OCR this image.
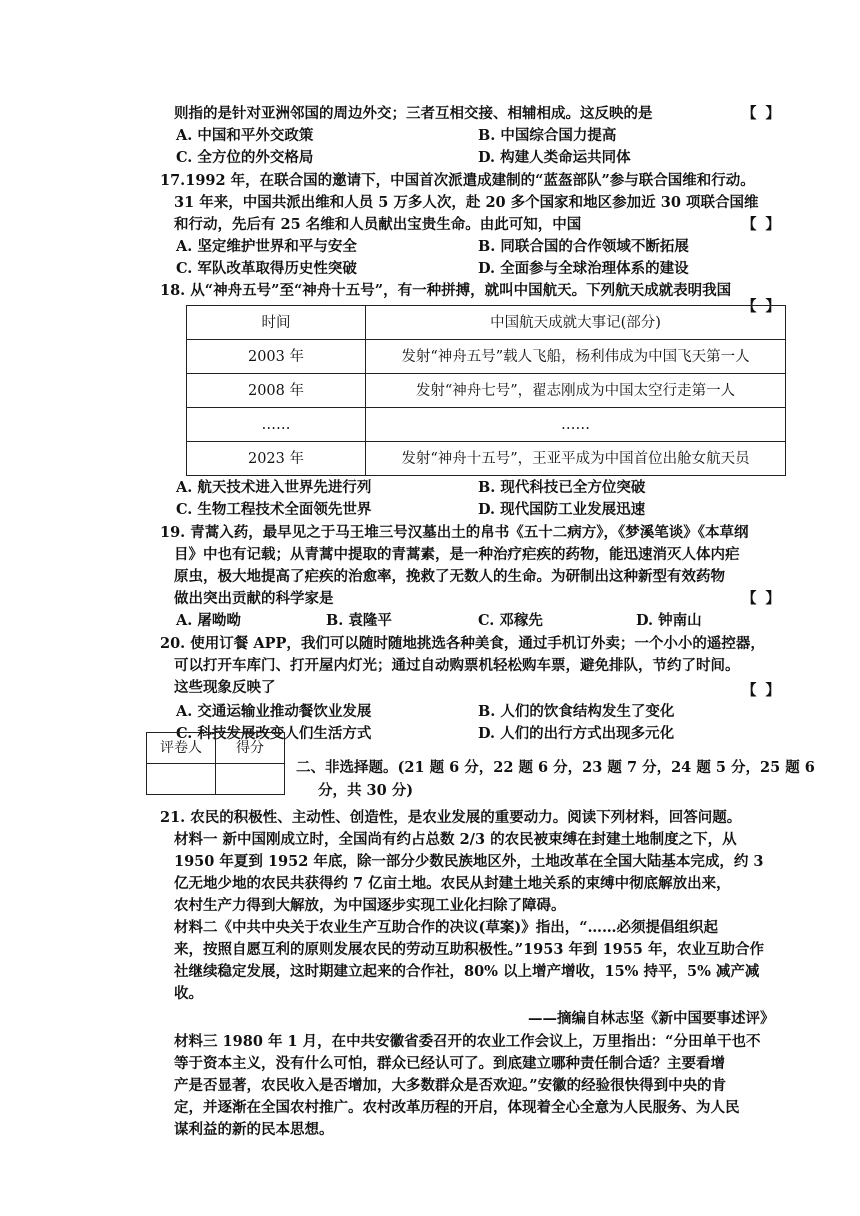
则指的是针对亚洲邻国的周边外交；三者互相交接、相辅相成。这反映的是	【 】
A. 中国和平外交政策	B. 中国综合国力提高
C. 全方位的外交格局	D. 构建人类命运共同体
17.1992 年，在联合国的邀请下，中国首次派遣成建制的“蓝盔部队”参与联合国维和行动。
31 年来，中国共派出维和人员 5 万多人次，赴 20 多个国家和地区参加近 30 项联合国维
和行动，先后有 25 名维和人员献出宝贵生命。由此可知，中国	【 】
A. 坚定维护世界和平与安全	B. 同联合国的合作领域不断拓展
C. 军队改革取得历史性突破	D. 全面参与全球治理体系的建设
18. 从“神舟五号”至“神舟十五号”，有一种拼搏，就叫中国航天。下列航天成就表明我国
【 】
时间	中国航天成就大事记(部分)
2003 年	发射“神舟五号”载人飞船，杨利伟成为中国飞天第一人
2008 年	发射“神舟七号”，翟志刚成为中国太空行走第一人
……	……
2023 年	发射“神舟十五号”，王亚平成为中国首位出舱女航天员
A. 航天技术进入世界先进行列	B. 现代科技已全方位突破
C. 生物工程技术全面领先世界	D. 现代国防工业发展迅速
19. 青蒿入药，最早见之于马王堆三号汉墓出土的帛书《五十二病方》，《梦溪笔谈》《本草纲
目》中也有记载；从青蒿中提取的青蒿素，是一种治疗疟疾的药物，能迅速消灭人体内疟
原虫，极大地提高了疟疾的治愈率，挽救了无数人的生命。为研制出这种新型有效药物
做出突出贡献的科学家是	【 】
A. 屠呦呦	B. 袁隆平	C. 邓稼先	D. 钟南山
20. 使用订餐 APP，我们可以随时随地挑选各种美食，通过手机订外卖；一个小小的遥控器，
可以打开车库门、打开屋内灯光；通过自动购票机轻松购车票，避免排队，节约了时间。
这些现象反映了	【 】
A. 交通运输业推动餐饮业发展	B. 人们的饮食结构发生了变化
C. 科技发展改变人们生活方式	D. 人们的出行方式出现多元化
评卷人	得分

二、非选择题。(21 题 6 分，22 题 6 分，23 题 7 分，24 题 5 分，25 题 6
分，共 30 分)
21. 农民的积极性、主动性、创造性，是农业发展的重要动力。阅读下列材料，回答问题。
材料一 新中国刚成立时，全国尚有约占总数 2/3 的农民被束缚在封建土地制度之下，从
1950 年夏到 1952 年底，除一部分少数民族地区外，土地改革在全国大陆基本完成，约 3
亿无地少地的农民共获得约 7 亿亩土地。农民从封建土地关系的束缚中彻底解放出来，
农村生产力得到大解放，为中国逐步实现工业化扫除了障碍。
材料二《中共中央关于农业生产互助合作的决议(草案)》指出，“……必须提倡组织起
来，按照自愿互利的原则发展农民的劳动互助积极性。”1953 年到 1955 年，农业互助合作
社继续稳定发展，这时期建立起来的合作社，80% 以上增产增收，15% 持平，5% 减产减
收。
——摘编自林志坚《新中国要事述评》
材料三 1980 年 1 月，在中共安徽省委召开的农业工作会议上，万里指出：“分田单干也不
等于资本主义，没有什么可怕，群众已经认可了。到底建立哪种责任制合适？主要看增
产是否显著，农民收入是否增加，大多数群众是否欢迎。”安徽的经验很快得到中央的肯
定，并逐渐在全国农村推广。农村改革历程的开启，体现着全心全意为人民服务、为人民
谋利益的新的民本思想。
